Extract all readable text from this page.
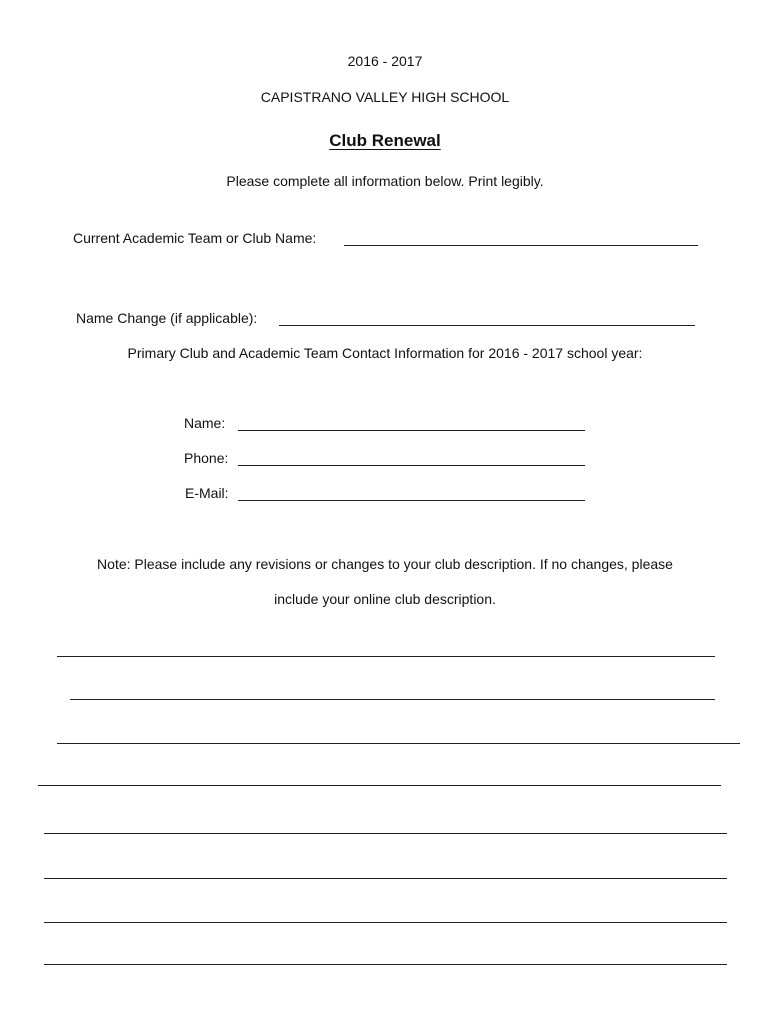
2016 - 2017
CAPISTRANO VALLEY HIGH SCHOOL
Club Renewal
Please complete all information below. Print legibly.
Current Academic Team or Club Name:
Name Change (if applicable):
Primary Club and Academic Team Contact Information for 2016 - 2017 school year:
Name:
Phone:
E-Mail:
Note: Please include any revisions or changes to your club description. If no changes, please
include your online club description.
